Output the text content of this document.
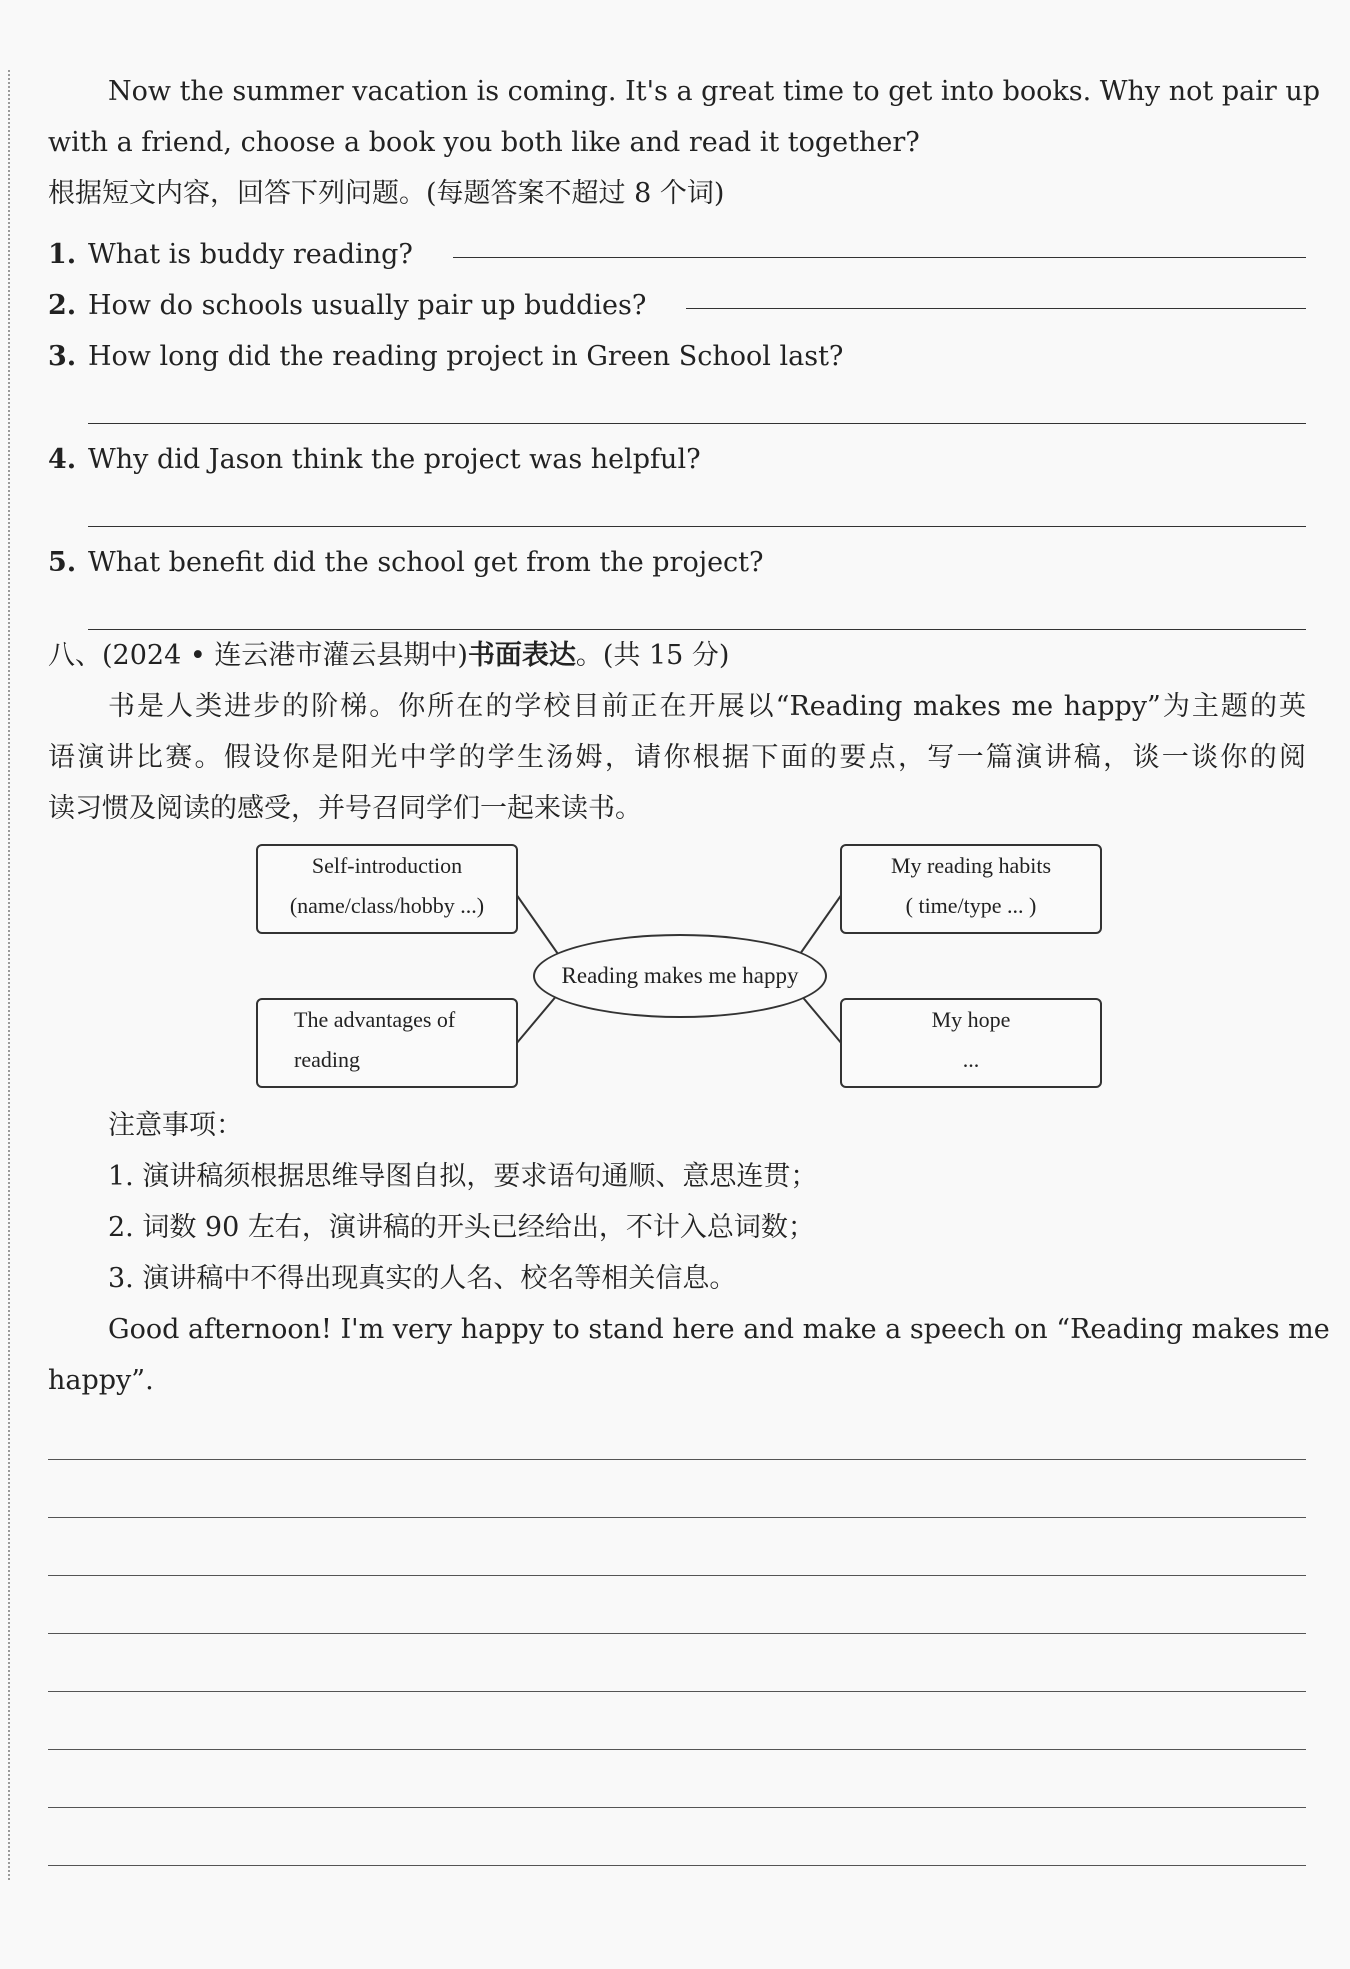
Now the summer vacation is coming. It's a great time to get into books. Why not pair up
with a friend, choose a book you both like and read it together?
根据短文内容，回答下列问题。(每题答案不超过 8 个词)
1. What is buddy reading?
2. How do schools usually pair up buddies?
3. How long did the reading project in Green School last?
4. Why did Jason think the project was helpful?
5. What benefit did the school get from the project?
八、(2024 • 连云港市灌云县期中)书面表达。(共 15 分)
书是人类进步的阶梯。你所在的学校目前正在开展以“Reading makes me happy”为主题的英
语演讲比赛。假设你是阳光中学的学生汤姆，请你根据下面的要点，写一篇演讲稿，谈一谈你的阅
读习惯及阅读的感受，并号召同学们一起来读书。
Self-introduction
(name/class/hobby ...)
My reading habits
( time/type ... )
Reading makes me happy
The advantages of
reading
My hope
...
注意事项：
1. 演讲稿须根据思维导图自拟，要求语句通顺、意思连贯；
2. 词数 90 左右，演讲稿的开头已经给出，不计入总词数；
3. 演讲稿中不得出现真实的人名、校名等相关信息。
Good afternoon! I'm very happy to stand here and make a speech on “Reading makes me
happy”.
